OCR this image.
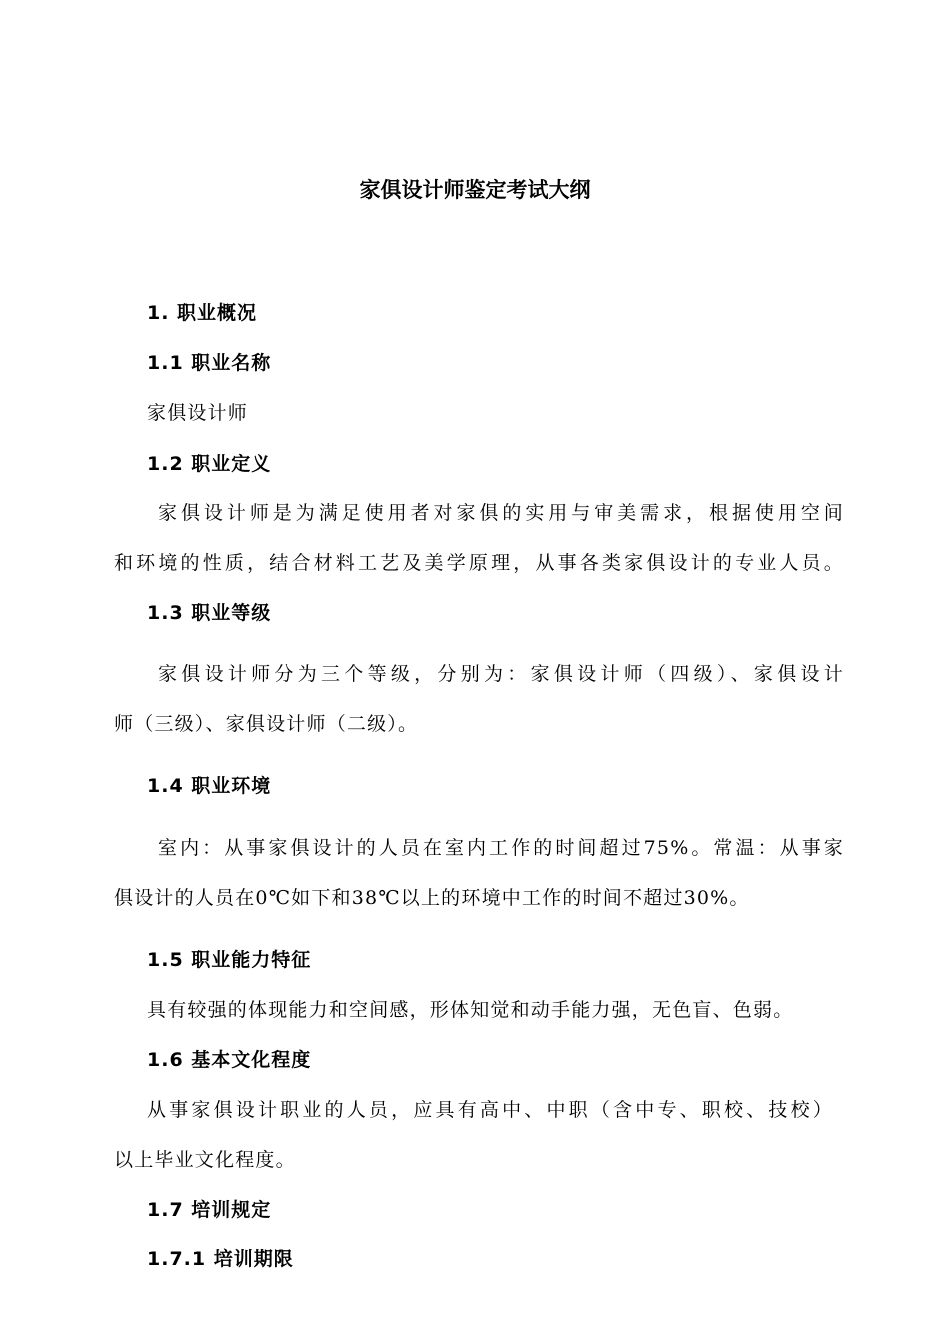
家俱设计师鉴定考试大纲
1. 职业概况
1.1 职业名称
家俱设计师
1.2 职业定义
家俱设计师是为满足使用者对家俱的实用与审美需求，根据使用空间
和环境的性质，结合材料工艺及美学原理，从事各类家俱设计的专业人员。
1.3 职业等级
家俱设计师分为三个等级，分别为：家俱设计师（四级）、家俱设计
师（三级）、家俱设计师（二级）。
1.4 职业环境
室内：从事家俱设计的人员在室内工作的时间超过75%。常温：从事家
俱设计的人员在0℃如下和38℃以上的环境中工作的时间不超过30%。
1.5 职业能力特征
具有较强的体现能力和空间感，形体知觉和动手能力强，无色盲、色弱。
1.6 基本文化程度
从事家俱设计职业的人员，应具有高中、中职（含中专、职校、技校）
以上毕业文化程度。
1.7 培训规定
1.7.1 培训期限
